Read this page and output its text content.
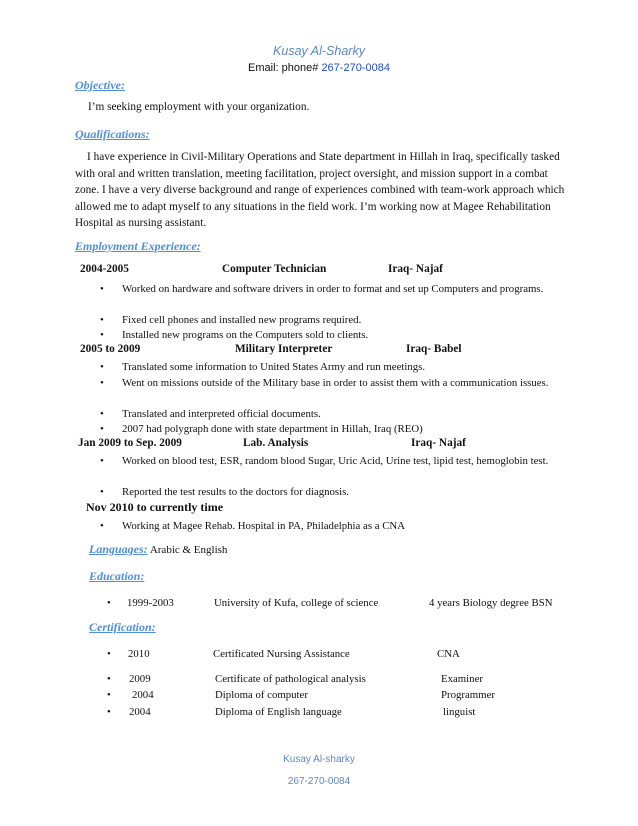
Kusay Al-Sharky
Email: phone# 267-270-0084
Objective:
I’m seeking employment with your organization.
Qualifications:
I have experience in Civil-Military Operations and State department in Hillah in Iraq, specifically tasked with oral and written translation, meeting facilitation, project oversight, and mission support in a combat zone. I have a very diverse background and range of experiences combined with team-work approach which allowed me to adapt myself to any situations in the field work. I’m working now at Magee Rehabilitation Hospital as nursing assistant.
Employment Experience:
2004-2005	Computer Technician	Iraq- Najaf
• Worked on hardware and software drivers in order to format and set up Computers and programs.
• Fixed cell phones and installed new programs required.
• Installed new programs on the Computers sold to clients.
2005 to 2009	Military Interpreter	Iraq- Babel
• Translated some information to United States Army and run meetings.
• Went on missions outside of the Military base in order to assist them with a communication issues.
• Translated and interpreted official documents.
• 2007 had polygraph done with state department in Hillah, Iraq (REO)
Jan 2009 to Sep. 2009	Lab. Analysis	Iraq- Najaf
• Worked on blood test, ESR, random blood Sugar, Uric Acid, Urine test, lipid test, hemoglobin test.
• Reported the test results to the doctors for diagnosis.
Nov 2010 to currently time
• Working at Magee Rehab. Hospital in PA, Philadelphia as a CNA
Languages: Arabic & English
Education:
• 1999-2003	University of Kufa, college of science	4 years Biology degree BSN
Certification:
• 2010	Certificated Nursing Assistance	CNA
• 2009	Certificate of pathological analysis	Examiner
• 2004	Diploma of computer	Programmer
• 2004	Diploma of English language	linguist
Kusay Al-sharky
267-270-0084
